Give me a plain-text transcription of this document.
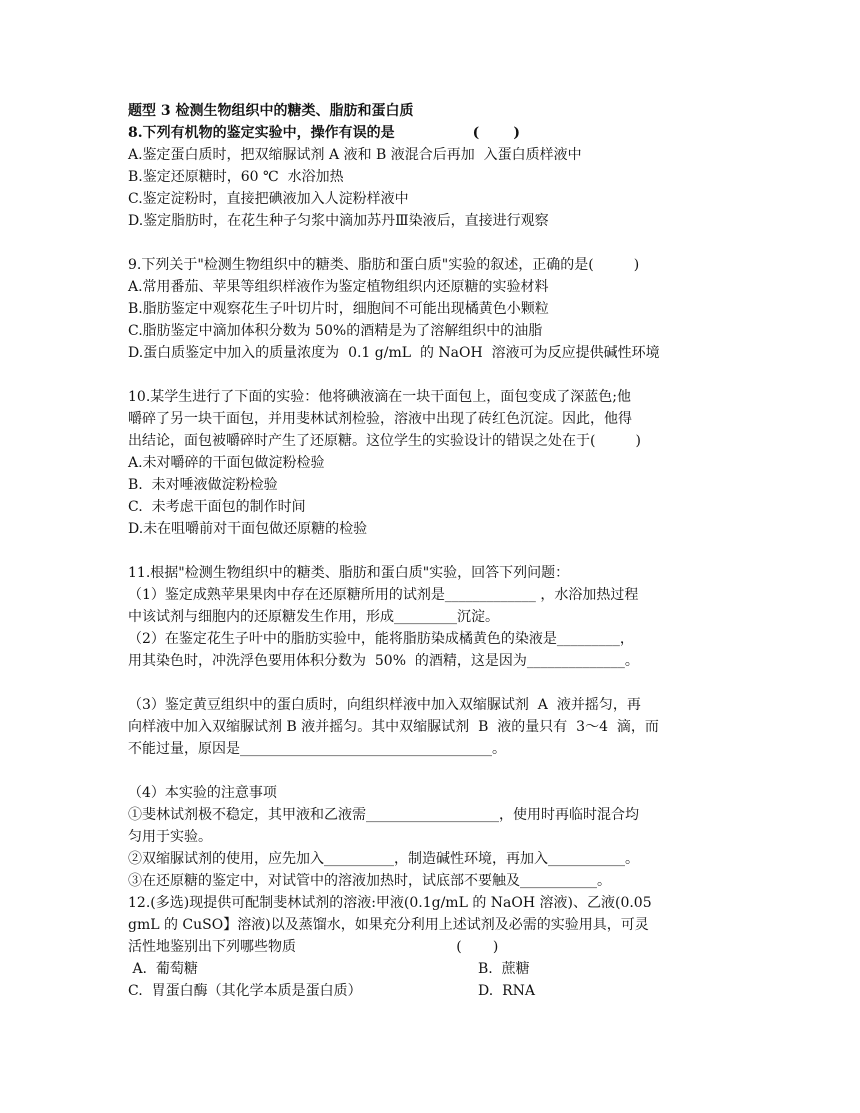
题型 3 检测生物组织中的糖类、脂肪和蛋白质
8.下列有机物的鉴定实验中，操作有误的是                (       )
A.鉴定蛋白质时，把双缩脲试剂 A 液和 B 液混合后再加  入蛋白质样液中
B.鉴定还原糖时，60 ℃  水浴加热
C.鉴定淀粉时，直接把碘液加入人淀粉样液中
D.鉴定脂肪时，在花生种子匀浆中滴加苏丹Ⅲ染液后，直接进行观察
9.下列关于"检测生物组织中的糖类、脂肪和蛋白质"实验的叙述，正确的是(         )
A.常用番茄、苹果等组织样液作为鉴定植物组织内还原糖的实验材料
B.脂肪鉴定中观察花生子叶切片时，细胞间不可能出现橘黄色小颗粒
C.脂肪鉴定中滴加体积分数为 50%的酒精是为了溶解组织中的油脂
D.蛋白质鉴定中加入的质量浓度为  0.1 g/mL  的 NaOH  溶液可为反应提供碱性环境
10.某学生进行了下面的实验：他将碘液滴在一块干面包上，面包变成了深蓝色;他
嚼碎了另一块干面包，并用斐林试剂检验，溶液中出现了砖红色沉淀。因此，他得
出结论，面包被嚼碎时产生了还原糖。这位学生的实验设计的错误之处在于(         )
A.未对嚼碎的干面包做淀粉检验
B.  未对唾液做淀粉检验
C.  未考虑干面包的制作时间
D.未在咀嚼前对干面包做还原糖的检验
11.根据"检测生物组织中的糖类、脂肪和蛋白质"实验，回答下列问题：
（1）鉴定成熟苹果果肉中存在还原糖所用的试剂是_____________ ，水浴加热过程
中该试剂与细胞内的还原糖发生作用，形成_________沉淀。
（2）在鉴定花生子叶中的脂肪实验中，能将脂肪染成橘黄色的染液是_________，
用其染色时，冲洗浮色要用体积分数为  50%  的酒精，这是因为______________。
（3）鉴定黄豆组织中的蛋白质时，向组织样液中加入双缩脲试剂  A  液并摇匀，再
向样液中加入双缩脲试剂 B 液并摇匀。其中双缩脲试剂  B  液的量只有  3～4  滴，而
不能过量，原因是____________________________________。
（4）本实验的注意事项
①斐林试剂极不稳定，其甲液和乙液需___________________，使用时再临时混合均
匀用于实验。
②双缩脲试剂的使用，应先加入__________，制造碱性环境，再加入___________。
③在还原糖的鉴定中，对试管中的溶液加热时，试底部不要触及___________。
12.(多选)现提供可配制斐林试剂的溶液:甲液(0.1g/mL 的 NaOH 溶液)、乙液(0.05
gmL 的 CuSO】溶液)以及蒸馏水，如果充分利用上述试剂及必需的实验用具，可灵
活性地鉴别出下列哪些物质                                    (       )
A.  葡萄糖	B.  蔗糖
C.  胃蛋白酶（其化学本质是蛋白质）	D.  RNA
